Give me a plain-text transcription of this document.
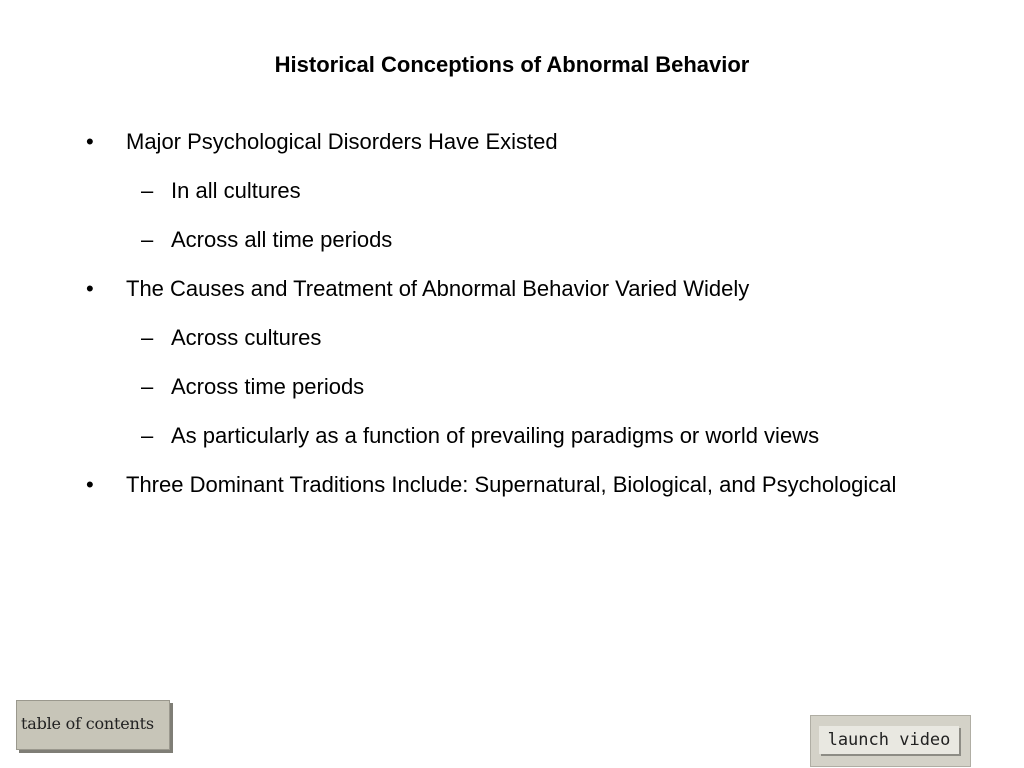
Historical Conceptions of Abnormal Behavior
• Major Psychological Disorders Have Existed
– In all cultures
– Across all time periods
• The Causes and Treatment of Abnormal Behavior Varied Widely
– Across cultures
– Across time periods
– As particularly as a function of prevailing paradigms or world views
• Three Dominant Traditions Include: Supernatural, Biological, and Psychological
table of contents
launch video
